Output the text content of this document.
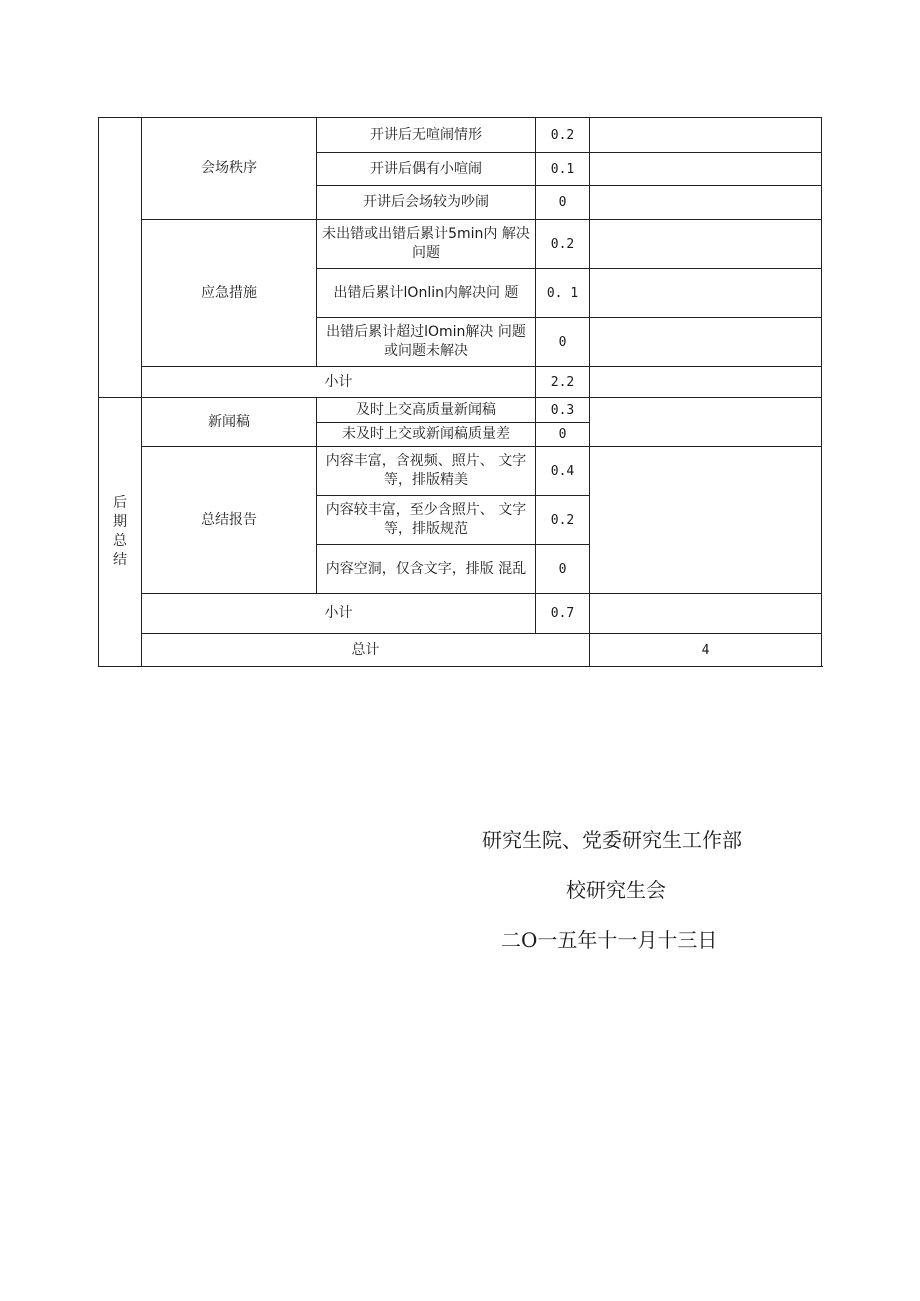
	会场秩序	开讲后无喧闹情形	0.2	
		开讲后偶有小喧闹	0.1	
		开讲后会场较为吵闹	0	
	应急措施	未出错或出错后累计5min内 解决问题	0.2	
		出错后累计lOnlin内解决问 题	0. 1	
		出错后累计超过lOmin解决 问题或问题未解决	0	
	小计		2.2	
后期总结	新闻稿	及时上交高质量新闻稿	0.3	
		未及时上交或新闻稿质量差	0	
	总结报告	内容丰富，含视频、照片、 文字等，排版精美	0.4	
		内容较丰富，至少含照片、 文字等，排版规范	0.2	
		内容空洞，仅含文字，排版 混乱	0	
	小计		0.7	
	总计			4
研究生院、党委研究生工作部
校研究生会
二O一五年十一月十三日
